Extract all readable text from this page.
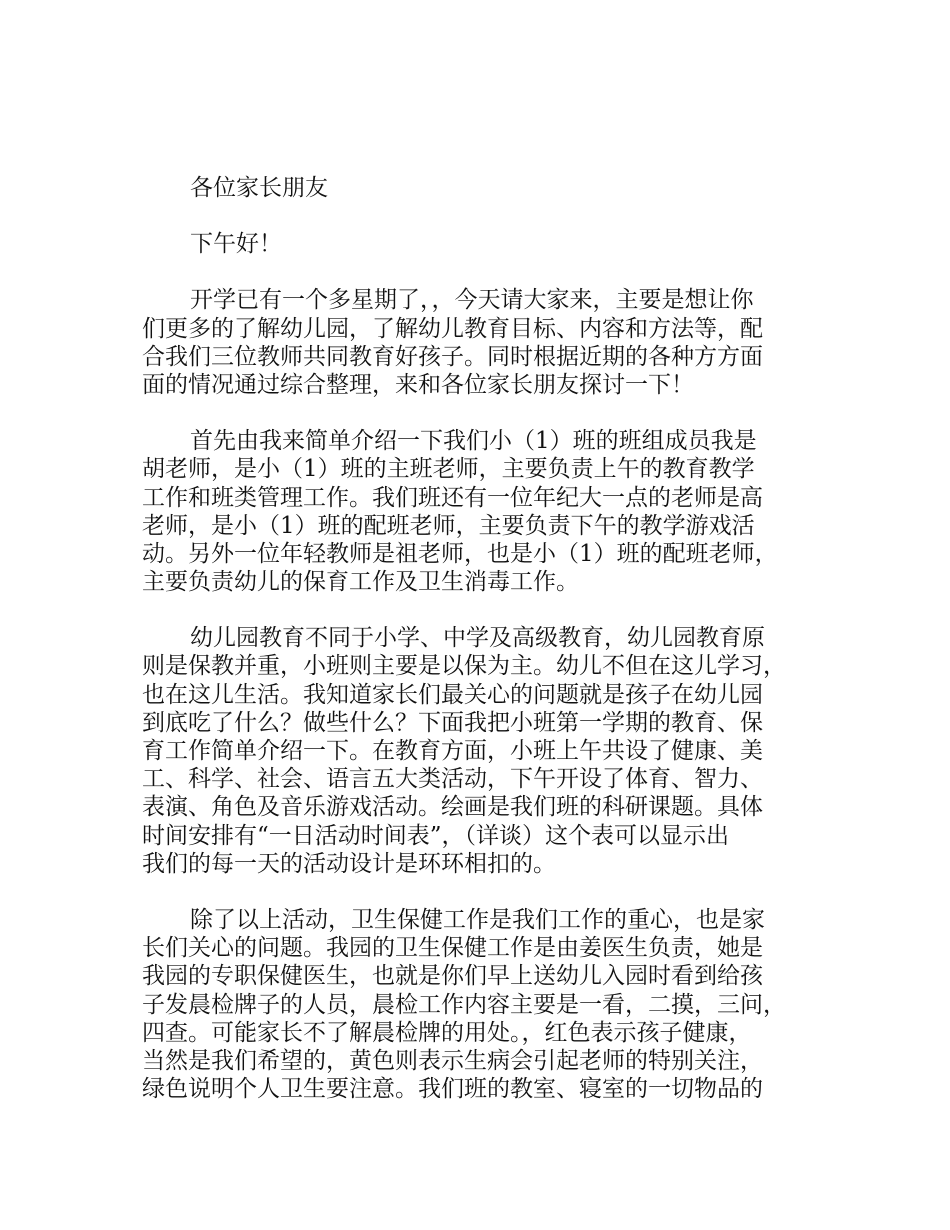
各位家长朋友
下午好！
开学已有一个多星期了，，今天请大家来，主要是想让你
们更多的了解幼儿园，了解幼儿教育目标、内容和方法等，配
合我们三位教师共同教育好孩子。同时根据近期的各种方方面
面的情况通过综合整理，来和各位家长朋友探讨一下！
首先由我来简单介绍一下我们小（1）班的班组成员我是
胡老师，是小（1）班的主班老师，主要负责上午的教育教学
工作和班类管理工作。我们班还有一位年纪大一点的老师是高
老师，是小（1）班的配班老师，主要负责下午的教学游戏活
动。另外一位年轻教师是祖老师，也是小（1）班的配班老师，
主要负责幼儿的保育工作及卫生消毒工作。
幼儿园教育不同于小学、中学及高级教育，幼儿园教育原
则是保教并重，小班则主要是以保为主。幼儿不但在这儿学习，
也在这儿生活。我知道家长们最关心的问题就是孩子在幼儿园
到底吃了什么？做些什么？下面我把小班第一学期的教育、保
育工作简单介绍一下。在教育方面，小班上午共设了健康、美
工、科学、社会、语言五大类活动，下午开设了体育、智力、
表演、角色及音乐游戏活动。绘画是我们班的科研课题。具体
时间安排有“一日活动时间表”，（详谈）这个表可以显示出
我们的每一天的活动设计是环环相扣的。
除了以上活动，卫生保健工作是我们工作的重心，也是家
长们关心的问题。我园的卫生保健工作是由姜医生负责，她是
我园的专职保健医生，也就是你们早上送幼儿入园时看到给孩
子发晨检牌子的人员，晨检工作内容主要是一看，二摸，三问，
四查。可能家长不了解晨检牌的用处。，红色表示孩子健康，
当然是我们希望的，黄色则表示生病会引起老师的特别关注，
绿色说明个人卫生要注意。我们班的教室、寝室的一切物品的
